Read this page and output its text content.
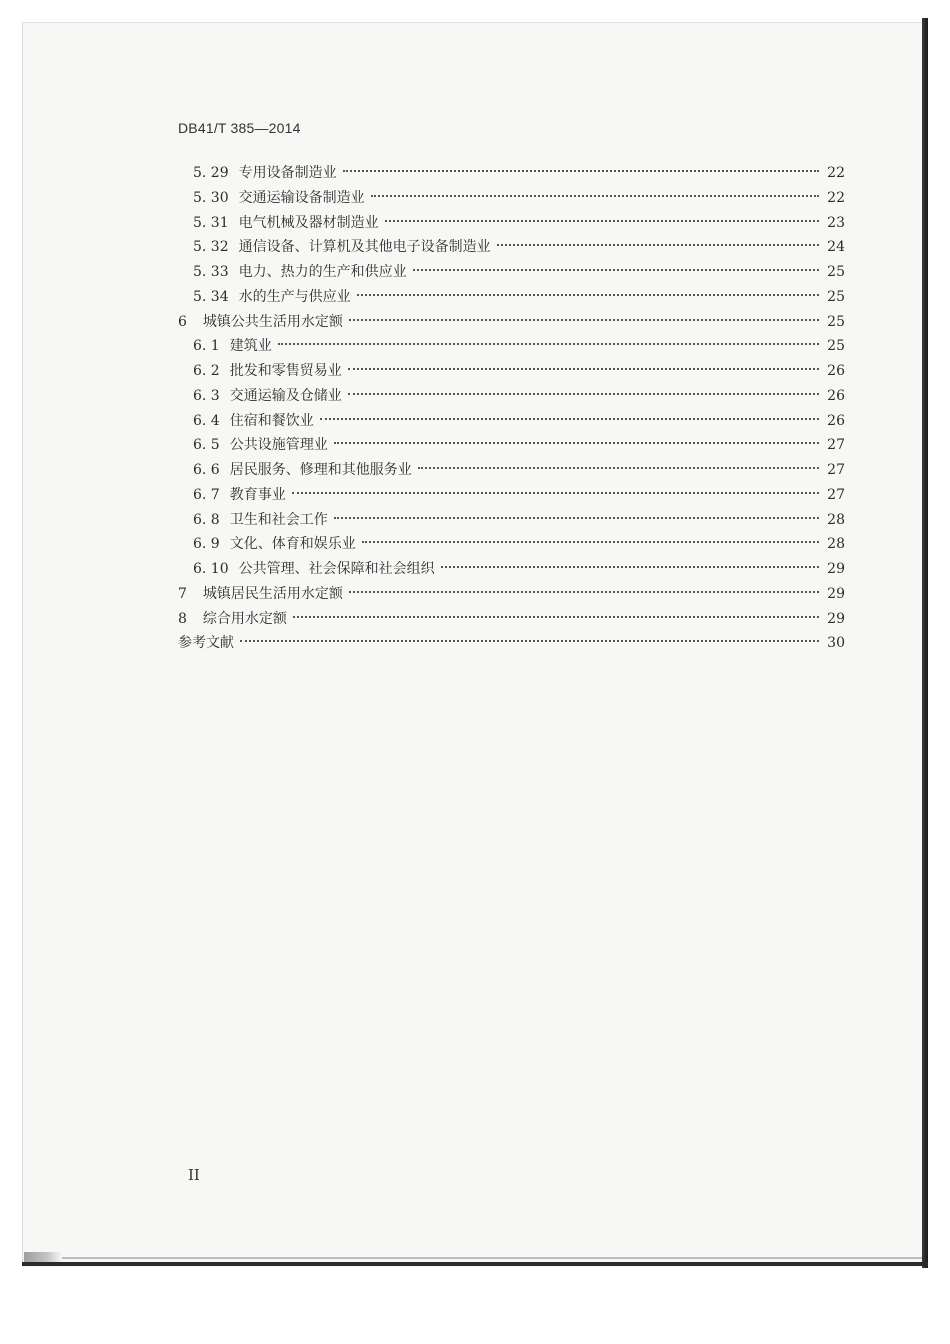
DB41/T 385—2014
5. 29 专用设备制造业	22
5. 30 交通运输设备制造业	22
5. 31 电气机械及器材制造业	23
5. 32 通信设备、计算机及其他电子设备制造业	24
5. 33 电力、热力的生产和供应业	25
5. 34 水的生产与供应业	25
6 城镇公共生活用水定额	25
6. 1 建筑业	25
6. 2 批发和零售贸易业	26
6. 3 交通运输及仓储业	26
6. 4 住宿和餐饮业	26
6. 5 公共设施管理业	27
6. 6 居民服务、修理和其他服务业	27
6. 7 教育事业	27
6. 8 卫生和社会工作	28
6. 9 文化、体育和娱乐业	28
6. 10 公共管理、社会保障和社会组织	29
7 城镇居民生活用水定额	29
8 综合用水定额	29
参考文献	30
II
